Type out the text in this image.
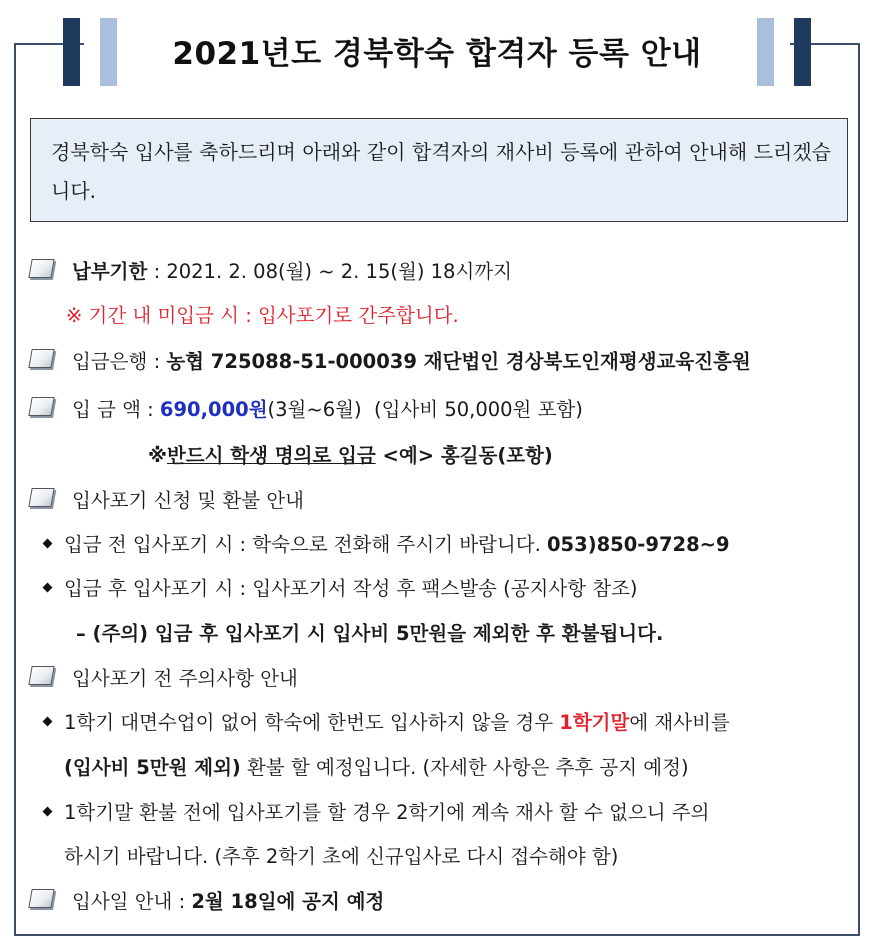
2021년도 경북학숙 합격자 등록 안내
경북학숙 입사를 축하드리며 아래와 같이 합격자의 재사비 등록에 관하여 안내해 드리겠습니다.
납부기한 : 2021. 2. 08(월) ~ 2. 15(월) 18시까지
※ 기간 내 미입금 시 : 입사포기로 간주합니다.
입금은행 : 농협 725088-51-000039 재단법인 경상북도인재평생교육진흥원
입 금 액 : 690,000원(3월~6월) (입사비 50,000원 포함)
※반드시 학생 명의로 입금 <예> 홍길동(포항)
입사포기 신청 및 환불 안내
입금 전 입사포기 시 : 학숙으로 전화해 주시기 바랍니다. 053)850-9728~9
입금 후 입사포기 시 : 입사포기서 작성 후 팩스발송 (공지사항 참조)
– (주의) 입금 후 입사포기 시 입사비 5만원을 제외한 후 환불됩니다.
입사포기 전 주의사항 안내
1학기 대면수업이 없어 학숙에 한번도 입사하지 않을 경우 1학기말에 재사비를
(입사비 5만원 제외) 환불 할 예정입니다. (자세한 사항은 추후 공지 예정)
1학기말 환불 전에 입사포기를 할 경우 2학기에 계속 재사 할 수 없으니 주의
하시기 바랍니다. (추후 2학기 초에 신규입사로 다시 접수해야 함)
입사일 안내 : 2월 18일에 공지 예정
